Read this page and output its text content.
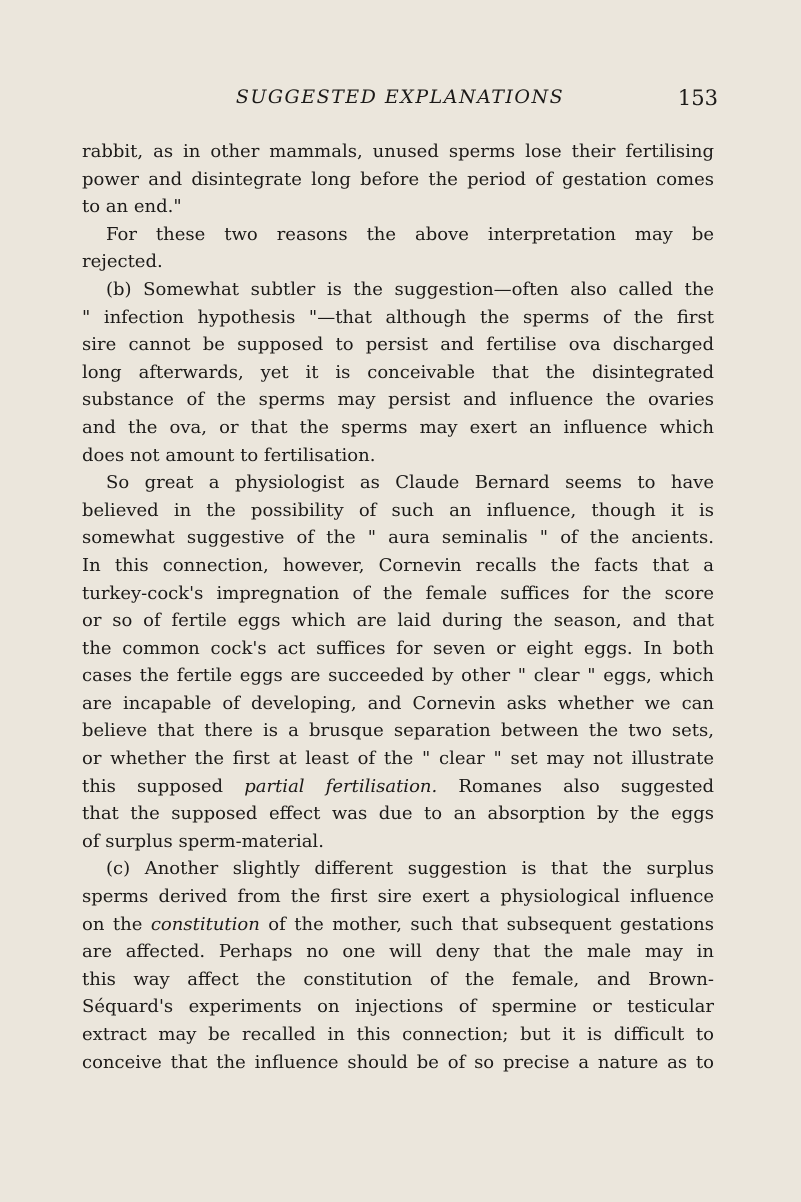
SUGGESTED EXPLANATIONS	153
rabbit, as in other mammals, unused sperms lose their fertilising
power and disintegrate long before the period of gestation comes
to an end."
For these two reasons the above interpretation may be
rejected.
(b) Somewhat subtler is the suggestion—often also called the
" infection hypothesis "—that although the sperms of the first
sire cannot be supposed to persist and fertilise ova discharged
long afterwards, yet it is conceivable that the disintegrated
substance of the sperms may persist and influence the ovaries
and the ova, or that the sperms may exert an influence which
does not amount to fertilisation.
So great a physiologist as Claude Bernard seems to have
believed in the possibility of such an influence, though it is
somewhat suggestive of the " aura seminalis " of the ancients.
In this connection, however, Cornevin recalls the facts that a
turkey-cock's impregnation of the female suffices for the score
or so of fertile eggs which are laid during the season, and that
the common cock's act suffices for seven or eight eggs. In both
cases the fertile eggs are succeeded by other " clear " eggs, which
are incapable of developing, and Cornevin asks whether we can
believe that there is a brusque separation between the two sets,
or whether the first at least of the " clear " set may not illustrate
this supposed partial fertilisation. Romanes also suggested
that the supposed effect was due to an absorption by the eggs
of surplus sperm-material.
(c) Another slightly different suggestion is that the surplus
sperms derived from the first sire exert a physiological influence
on the constitution of the mother, such that subsequent gestations
are affected. Perhaps no one will deny that the male may in
this way affect the constitution of the female, and Brown-
Séquard's experiments on injections of spermine or testicular
extract may be recalled in this connection; but it is difficult to
conceive that the influence should be of so precise a nature as to
